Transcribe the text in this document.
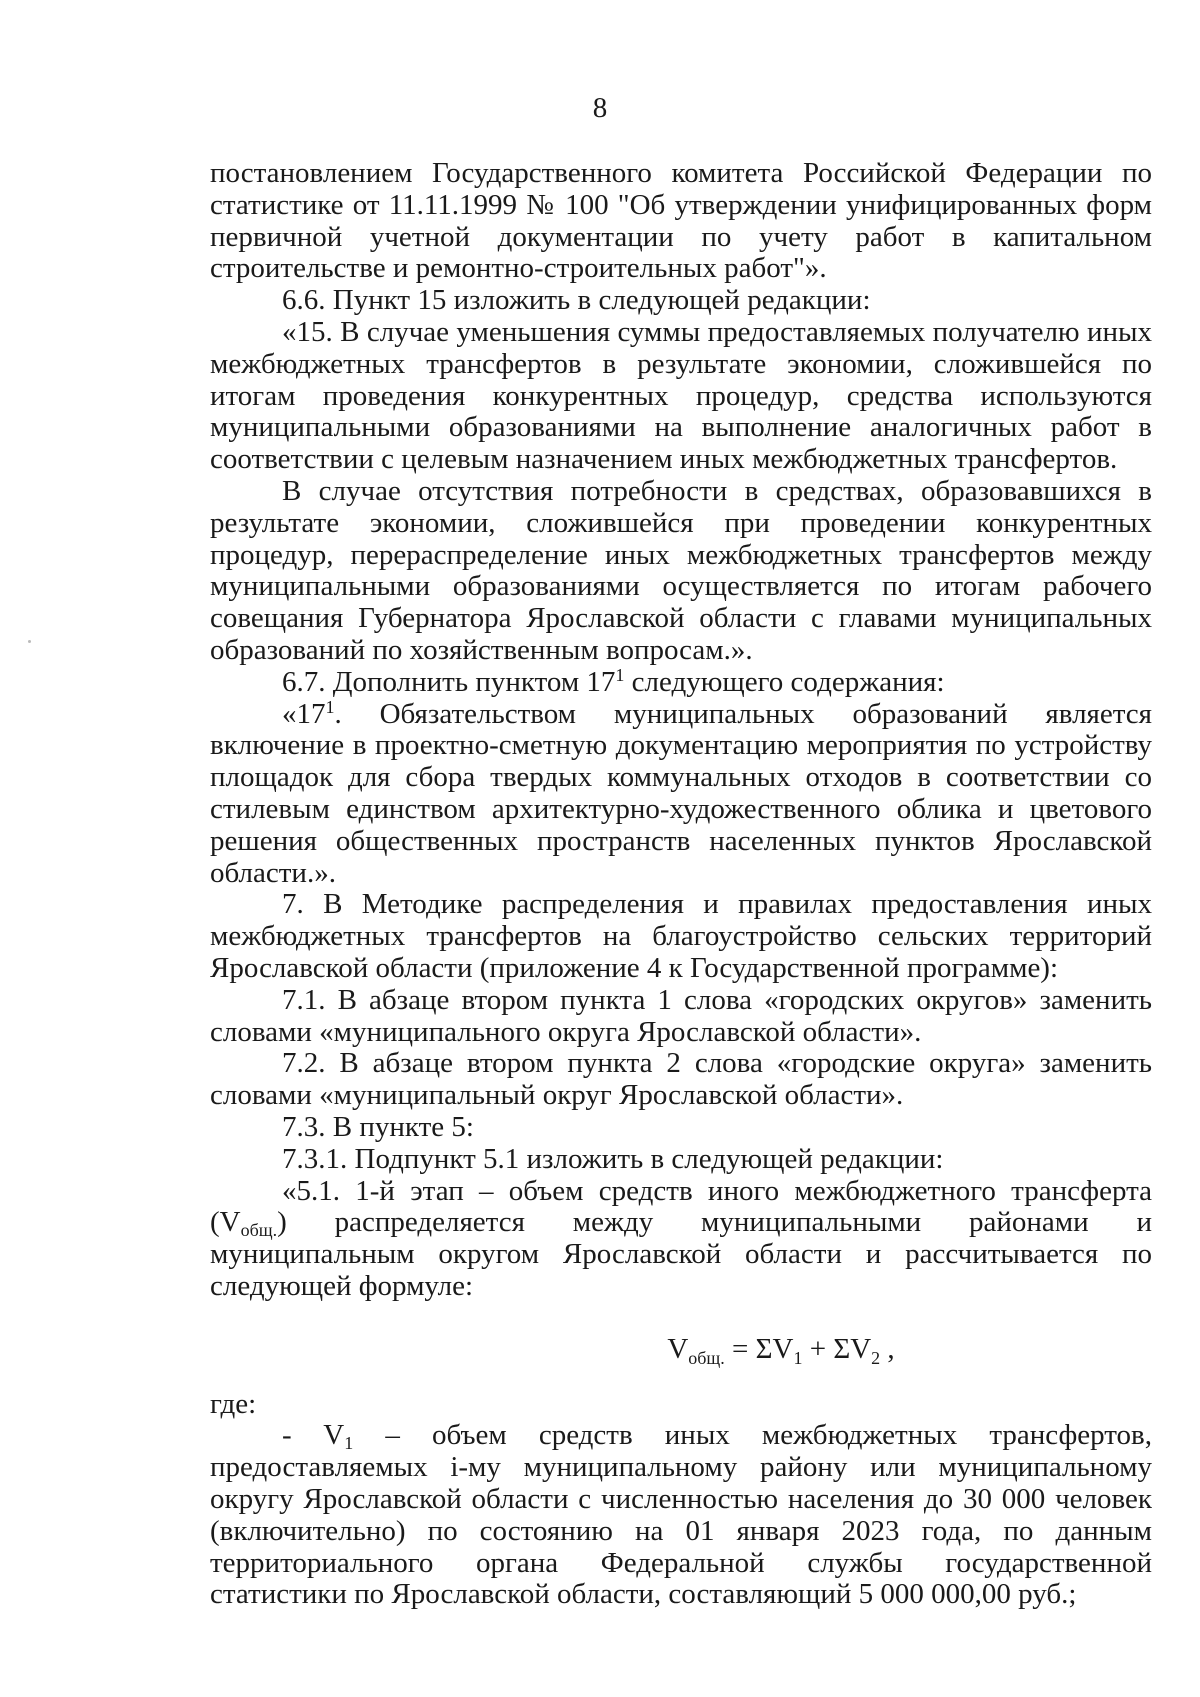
8

постановлением Государственного комитета Российской Федерации по статистике от 11.11.1999 № 100 "Об утверждении унифицированных форм первичной учетной документации по учету работ в капитальном строительстве и ремонтно-строительных работ"».

6.6. Пункт 15 изложить в следующей редакции:

«15. В случае уменьшения суммы предоставляемых получателю иных межбюджетных трансфертов в результате экономии, сложившейся по итогам проведения конкурентных процедур, средства используются муниципальными образованиями на выполнение аналогичных работ в соответствии с целевым назначением иных межбюджетных трансфертов.

В случае отсутствия потребности в средствах, образовавшихся в результате экономии, сложившейся при проведении конкурентных процедур, перераспределение иных межбюджетных трансфертов между муниципальными образованиями осуществляется по итогам рабочего совещания Губернатора Ярославской области с главами муниципальных образований по хозяйственным вопросам.».

6.7. Дополнить пунктом $17^1$ следующего содержания:

«$17^1$. Обязательством муниципальных образований является включение в проектно-сметную документацию мероприятия по устройству площадок для сбора твердых коммунальных отходов в соответствии со стилевым единством архитектурно-художественного облика и цветового решения общественных пространств населенных пунктов Ярославской области.».

7. В Методике распределения и правилах предоставления иных межбюджетных трансфертов на благоустройство сельских территорий Ярославской области (приложение 4 к Государственной программе):

7.1. В абзаце втором пункта 1 слова «городских округов» заменить словами «муниципального округа Ярославской области».

7.2. В абзаце втором пункта 2 слова «городские округа» заменить словами «муниципальный округ Ярославской области».

7.3. В пункте 5:

7.3.1. Подпункт 5.1 изложить в следующей редакции:

«5.1. 1-й этап – объем средств иного межбюджетного трансферта (Vобщ.) распределяется между муниципальными районами и муниципальным округом Ярославской области и рассчитывается по следующей формуле:

$V_{общ.} = \Sigma V_1 + \Sigma V_2$ ,

где:

- V1 – объем средств иных межбюджетных трансфертов, предоставляемых i-му муниципальному району или муниципальному округу Ярославской области с численностью населения до 30 000 человек (включительно) по состоянию на 01 января 2023 года, по данным территориального органа Федеральной службы государственной статистики по Ярославской области, составляющий 5 000 000,00 руб.;
